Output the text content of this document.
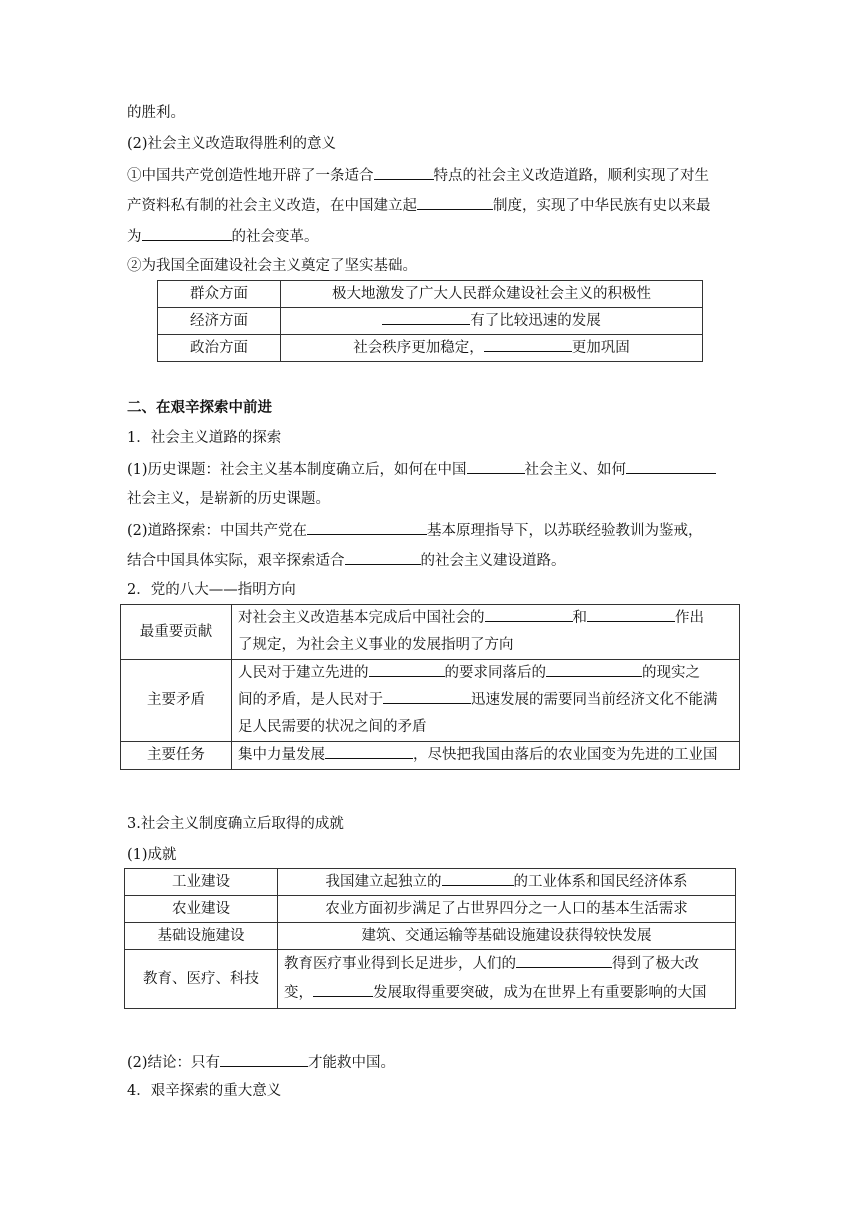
的胜利。
(2)社会主义改造取得胜利的意义
①中国共产党创造性地开辟了一条适合	特点的社会主义改造道路，顺利实现了对生
产资料私有制的社会主义改造，在中国建立起	制度，实现了中华民族有史以来最
为	的社会变革。
②为我国全面建设社会主义奠定了坚实基础。
群众方面	极大地激发了广大人民群众建设社会主义的积极性
经济方面	有了比较迅速的发展
政治方面	社会秩序更加稳定， 更加巩固
二、在艰辛探索中前进
1．社会主义道路的探索
(1)历史课题：社会主义基本制度确立后，如何在中国	社会主义、如何
社会主义，是崭新的历史课题。
(2)道路探索：中国共产党在	基本原理指导下，以苏联经验教训为鉴戒，
结合中国具体实际，艰辛探索适合	的社会主义建设道路。
2．党的八大——指明方向
最重要贡献	对社会主义改造基本完成后中国社会的 和 作出
了规定，为社会主义事业的发展指明了方向
主要矛盾	人民对于建立先进的 的要求同落后的 的现实之
间的矛盾，是人民对于 迅速发展的需要同当前经济文化不能满
足人民需要的状况之间的矛盾
主要任务	集中力量发展 ，尽快把我国由落后的农业国变为先进的工业国
3.社会主义制度确立后取得的成就
(1)成就
工业建设	我国建立起独立的 的工业体系和国民经济体系
农业建设	农业方面初步满足了占世界四分之一人口的基本生活需求
基础设施建设	建筑、交通运输等基础设施建设获得较快发展
教育、医疗、科技	教育医疗事业得到长足进步，人们的 得到了极大改
变， 发展取得重要突破，成为在世界上有重要影响的大国
(2)结论：只有	才能救中国。
4．艰辛探索的重大意义
